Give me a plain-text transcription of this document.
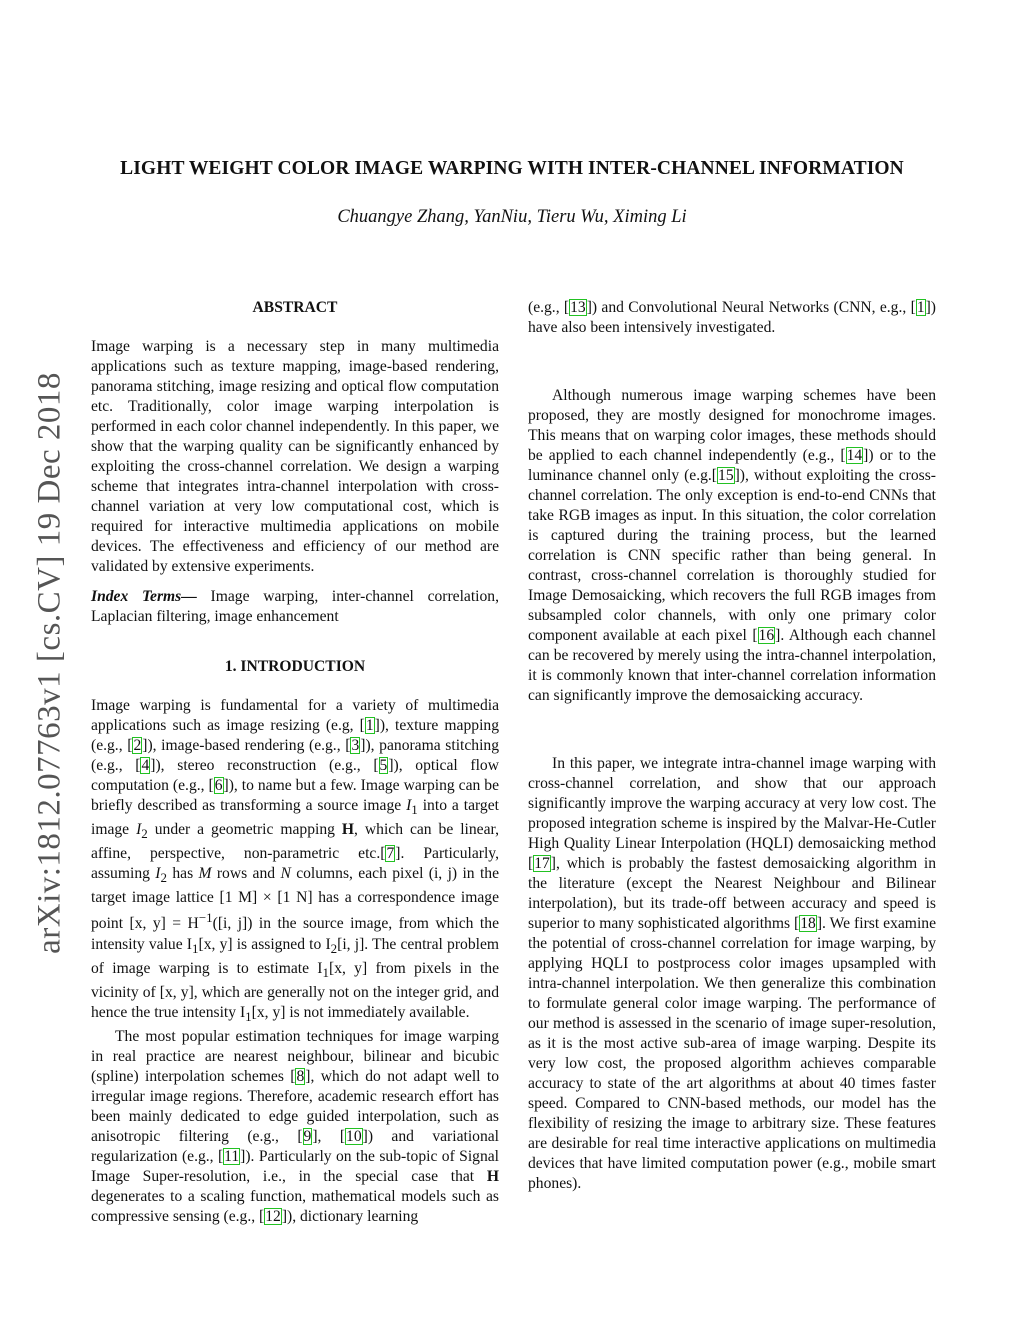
arXiv:1812.07763v1 [cs.CV] 19 Dec 2018
LIGHT WEIGHT COLOR IMAGE WARPING WITH INTER-CHANNEL INFORMATION
Chuangye Zhang, YanNiu, Tieru Wu, Ximing Li

ABSTRACT

Image warping is a necessary step in many multimedia applications such as texture mapping, image-based rendering, panorama stitching, image resizing and optical flow computation etc. Traditionally, color image warping interpolation is performed in each color channel independently. In this paper, we show that the warping quality can be significantly enhanced by exploiting the cross-channel correlation. We design a warping scheme that integrates intra-channel interpolation with cross-channel variation at very low computational cost, which is required for interactive multimedia applications on mobile devices. The effectiveness and efficiency of our method are validated by extensive experiments.

Index Terms— Image warping, inter-channel correlation, Laplacian filtering, image enhancement

1. INTRODUCTION

Image warping is fundamental for a variety of multimedia applications such as image resizing (e.g, [1]), texture mapping (e.g., [2]), image-based rendering (e.g., [3]), panorama stitching (e.g., [4]), stereo reconstruction (e.g., [5]), optical flow computation (e.g., [6]), to name but a few. Image warping can be briefly described as transforming a source image $I_1$ into a target image $I_2$ under a geometric mapping H, which can be linear, affine, perspective, non-parametric etc.[7]. Particularly, assuming $I_2$ has M rows and N columns, each pixel (i, j) in the target image lattice [1 M] × [1 N] has a correspondence image point [x, $y] = H^{-1}([i$, j]) in the source image, from which the intensity value $I_1[x$, y] is assigned to $I_2[i$, j]. The central problem of image warping is to estimate $I_1[x$, y] from pixels in the vicinity of [x, y], which are generally not on the integer grid, and hence the true intensity $I_1[x$, y] is not immediately available.

The most popular estimation techniques for image warping in real practice are nearest neighbour, bilinear and bicubic (spline) interpolation schemes [8], which do not adapt well to irregular image regions. Therefore, academic research effort has been mainly dedicated to edge guided interpolation, such as anisotropic filtering (e.g., [9], [10]) and variational regularization (e.g., [11]). Particularly on the sub-topic of Signal Image Super-resolution, i.e., in the special case that H degenerates to a scaling function, mathematical models such as compressive sensing (e.g., [12]), dictionary learning

(e.g., [13]) and Convolutional Neural Networks (CNN, e.g., [1]) have also been intensively investigated.

Although numerous image warping schemes have been proposed, they are mostly designed for monochrome images. This means that on warping color images, these methods should be applied to each channel independently (e.g., [14]) or to the luminance channel only (e.g.[15]), without exploiting the cross-channel correlation. The only exception is end-to-end CNNs that take RGB images as input. In this situation, the color correlation is captured during the training process, but the learned correlation is CNN specific rather than being general. In contrast, cross-channel correlation is thoroughly studied for Image Demosaicking, which recovers the full RGB images from subsampled color channels, with only one primary color component available at each pixel [16]. Although each channel can be recovered by merely using the intra-channel interpolation, it is commonly known that inter-channel correlation information can significantly improve the demosaicking accuracy.

In this paper, we integrate intra-channel image warping with cross-channel correlation, and show that our approach significantly improve the warping accuracy at very low cost. The proposed integration scheme is inspired by the Malvar-He-Cutler High Quality Linear Interpolation (HQLI) demosaicking method [17], which is probably the fastest demosaicking algorithm in the literature (except the Nearest Neighbour and Bilinear interpolation), but its trade-off between accuracy and speed is superior to many sophisticated algorithms [18]. We first examine the potential of cross-channel correlation for image warping, by applying HQLI to postprocess color images upsampled with intra-channel interpolation. We then generalize this combination to formulate general color image warping. The performance of our method is assessed in the scenario of image super-resolution, as it is the most active sub-area of image warping. Despite its very low cost, the proposed algorithm achieves comparable accuracy to state of the art algorithms at about 40 times faster speed. Compared to CNN-based methods, our model has the flexibility of resizing the image to arbitrary size. These features are desirable for real time interactive applications on multimedia devices that have limited computation power (e.g., mobile smart phones).
